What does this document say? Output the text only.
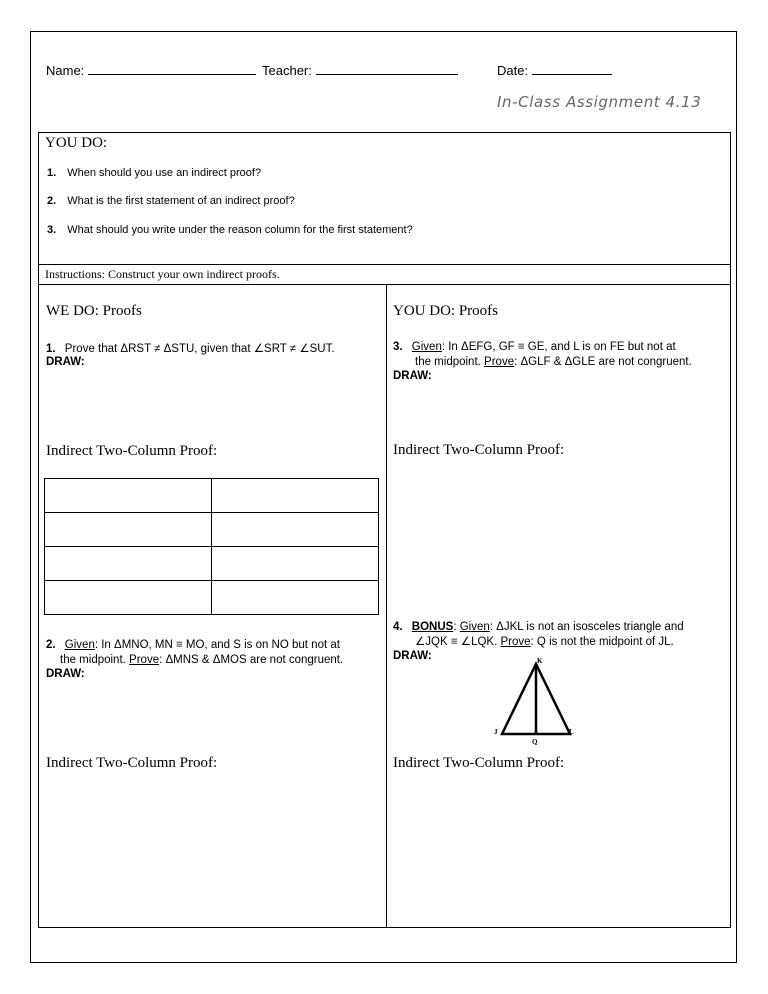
Name:	Teacher:	Date:
In-Class Assignment 4.13
YOU DO:
1. When should you use an indirect proof?
2. What is the first statement of an indirect proof?
3. What should you write under the reason column for the first statement?
Instructions: Construct your own indirect proofs.
WE DO: Proofs
1. Prove that ΔRST ≠ ΔSTU, given that ∠SRT ≠ ∠SUT.
DRAW:
Indirect Two-Column Proof:

2. Given: In ΔMNO, MN ≡ MO, and S is on NO but not at
the midpoint. Prove: ΔMNS & ΔMOS are not congruent.
DRAW:
Indirect Two-Column Proof:
YOU DO: Proofs
3. Given: In ΔEFG, GF ≡ GE, and L is on FE but not at
the midpoint. Prove: ΔGLF & ΔGLE are not congruent.
DRAW:
Indirect Two-Column Proof:
4. BONUS: Given: ΔJKL is not an isosceles triangle and
∠JQK ≡ ∠LQK. Prove: Q is not the midpoint of JL.
DRAW:	K
J	L
Q
Indirect Two-Column Proof:
